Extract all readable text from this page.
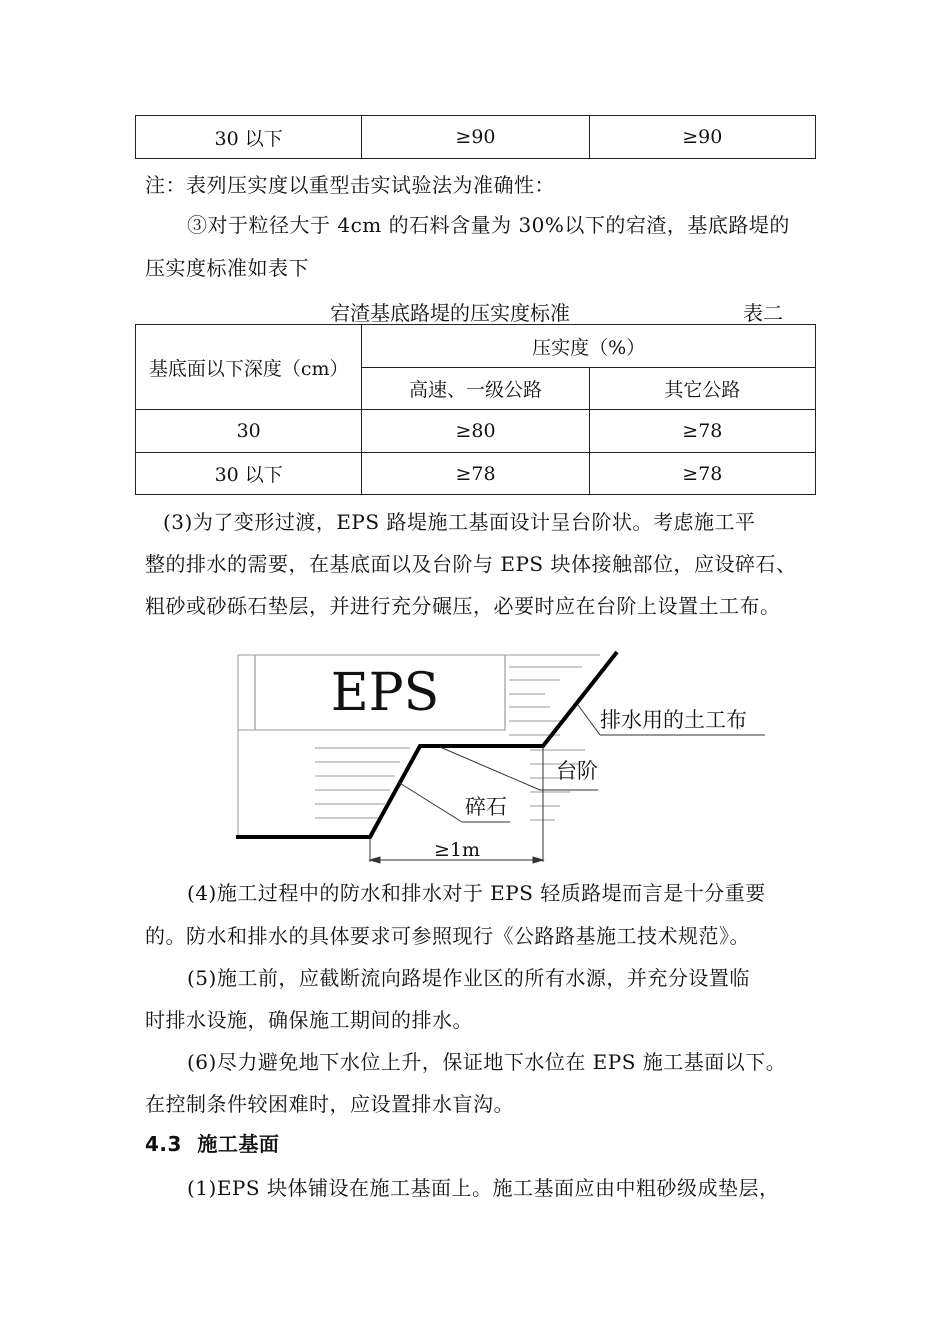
30 以下	≥90	≥90
注：表列压实度以重型击实试验法为准确性：
③对于粒径大于 4cm 的石料含量为 30%以下的宕渣，基底路堤的
压实度标准如表下
宕渣基底路堤的压实度标准	表二
基底面以下深度（cm）	压实度（%）	
	高速、一级公路	其它公路
30	≥80	≥78
30 以下	≥78	≥78
(3)为了变形过渡，EPS 路堤施工基面设计呈台阶状。考虑施工平
整的排水的需要，在基底面以及台阶与 EPS 块体接触部位，应设碎石、
粗砂或砂砾石垫层，并进行充分碾压，必要时应在台阶上设置土工布。
EPS	排水用的土工布
台阶
碎石
≥1m
(4)施工过程中的防水和排水对于 EPS 轻质路堤而言是十分重要
的。防水和排水的具体要求可参照现行《公路路基施工技术规范》。
(5)施工前，应截断流向路堤作业区的所有水源，并充分设置临
时排水设施，确保施工期间的排水。
(6)尽力避免地下水位上升，保证地下水位在 EPS 施工基面以下。
在控制条件较困难时，应设置排水盲沟。
4.3 施工基面
(1)EPS 块体铺设在施工基面上。施工基面应由中粗砂级成垫层，
